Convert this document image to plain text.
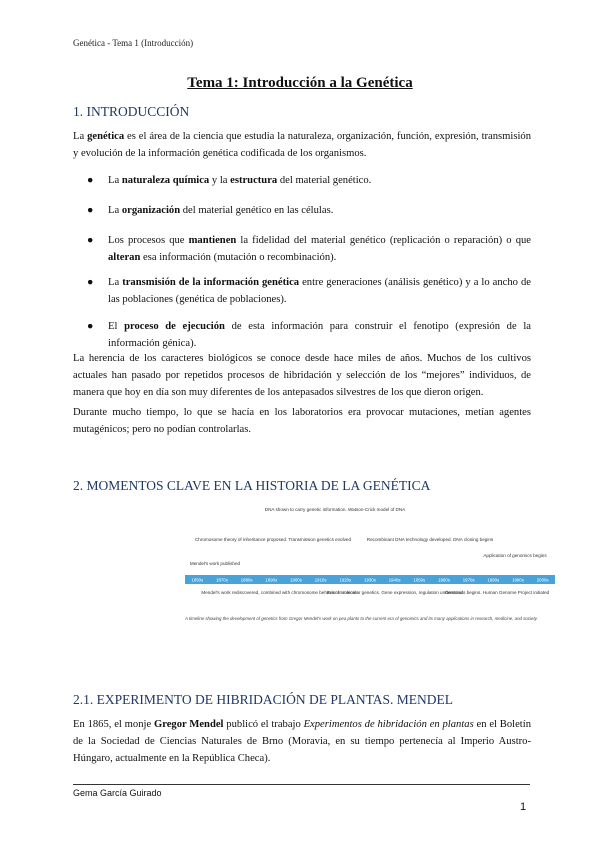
Genética - Tema 1 (Introducción)
Tema 1: Introducción a la Genética
1. INTRODUCCIÓN
La genética es el área de la ciencia que estudia la naturaleza, organización, función, expresión, transmisión y evolución de la información genética codificada de los organismos.
● La naturaleza química y la estructura del material genético.
● La organización del material genético en las células.
● Los procesos que mantienen la fidelidad del material genético (replicación o reparación) o que alteran esa información (mutación o recombinación).
● La transmisión de la información genética entre generaciones (análisis genético) y a lo ancho de las poblaciones (genética de poblaciones).
● El proceso de ejecución de esta información para construir el fenotipo (expresión de la información génica).
La herencia de los caracteres biológicos se conoce desde hace miles de años. Muchos de los cultivos actuales han pasado por repetidos procesos de hibridación y selección de los “mejores” individuos, de manera que hoy en día son muy diferentes de los antepasados silvestres de los que dieron origen.
Durante mucho tiempo, lo que se hacía en los laboratorios era provocar mutaciones, metían agentes mutagénicos; pero no podían controlarlas.
2. MOMENTOS CLAVE EN LA HISTORIA DE LA GENÉTICA
Mendel's work published
Chromosome theory of inheritance proposed. Transmission genetics evolved
DNA shown to carry genetic information. Watson-Crick model of DNA
Recombinant DNA technology developed. DNA cloning begins
Application of genomics begins
1850s	1870s	1880s	1890s	1900s	1910s	1920s	1930s	1940s	1950s	1960s	1970s	1980s	1990s	2000s
Mendel's work rediscovered, combined with chromosome behavior in meiosis
Era of molecular genetics. Gene expression, regulation understood
Genomics begins. Human Genome Project initiated
A timeline showing the development of genetics from Gregor Mendel's work on pea plants to the current era of genomics and its many applications in research, medicine, and society.
2.1. EXPERIMENTO DE HIBRIDACIÓN DE PLANTAS. MENDEL
En 1865, el monje Gregor Mendel publicó el trabajo Experimentos de hibridación en plantas en el Boletín de la Sociedad de Ciencias Naturales de Brno (Moravia, en su tiempo pertenecía al Imperio Austro-Húngaro, actualmente en la República Checa).
Gema García Guirado
1
